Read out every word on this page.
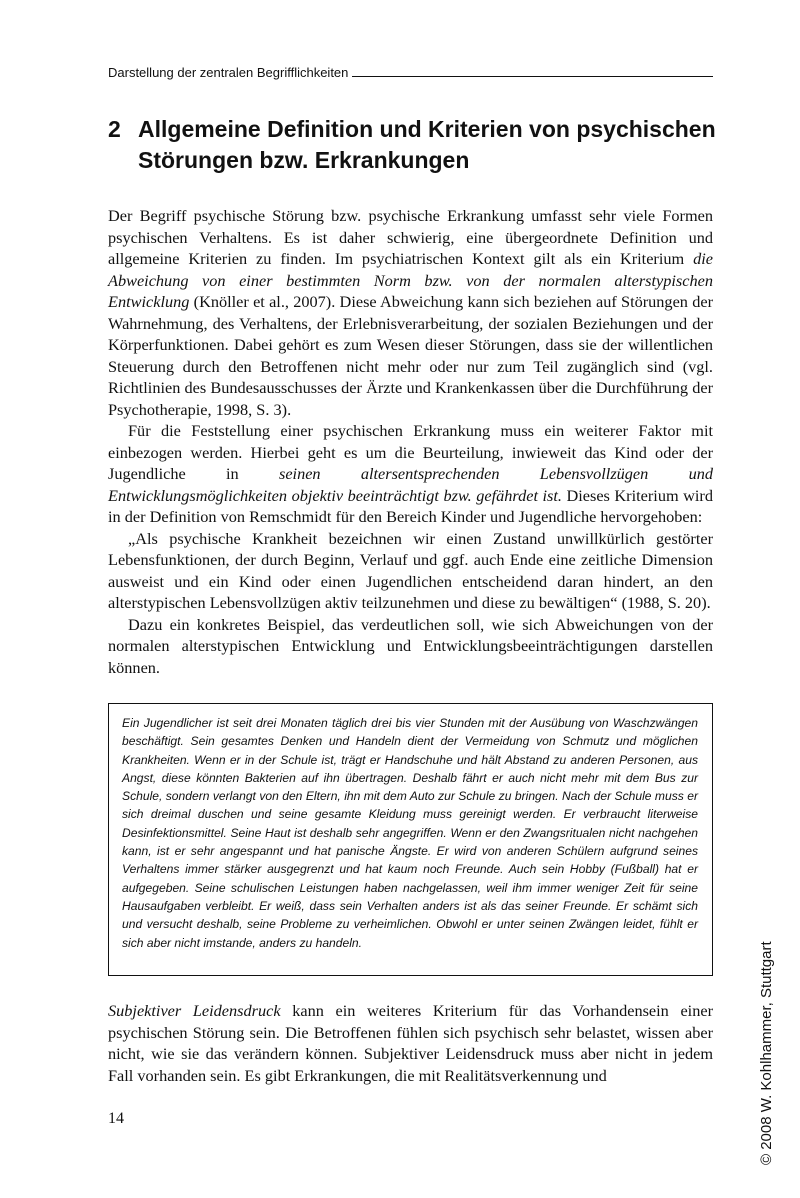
Darstellung der zentralen Begrifflichkeiten
2 Allgemeine Definition und Kriterien von psychischen Störungen bzw. Erkrankungen

Der Begriff psychische Störung bzw. psychische Erkrankung umfasst sehr viele Formen psychischen Verhaltens. Es ist daher schwierig, eine übergeordnete Definition und allgemeine Kriterien zu finden. Im psychiatrischen Kontext gilt als ein Kriterium die Abweichung von einer bestimmten Norm bzw. von der normalen alterstypischen Entwicklung (Knöller et al., 2007). Diese Abweichung kann sich beziehen auf Störungen der Wahrnehmung, des Verhaltens, der Erlebnisverarbeitung, der sozialen Beziehungen und der Körperfunktionen. Dabei gehört es zum Wesen dieser Störungen, dass sie der willentlichen Steuerung durch den Betroffenen nicht mehr oder nur zum Teil zugänglich sind (vgl. Richtlinien des Bundesausschusses der Ärzte und Krankenkassen über die Durchführung der Psychotherapie, 1998, S. 3).

Für die Feststellung einer psychischen Erkrankung muss ein weiterer Faktor mit einbezogen werden. Hierbei geht es um die Beurteilung, inwieweit das Kind oder der Jugendliche in seinen altersentsprechenden Lebensvollzügen und Entwicklungsmöglichkeiten objektiv beeinträchtigt bzw. gefährdet ist. Dieses Kriterium wird in der Definition von Remschmidt für den Bereich Kinder und Jugendliche hervorgehoben:

„Als psychische Krankheit bezeichnen wir einen Zustand unwillkürlich gestörter Lebensfunktionen, der durch Beginn, Verlauf und ggf. auch Ende eine zeitliche Dimension ausweist und ein Kind oder einen Jugendlichen entscheidend daran hindert, an den alterstypischen Lebensvollzügen aktiv teilzunehmen und diese zu bewältigen“ (1988, S. 20).

Dazu ein konkretes Beispiel, das verdeutlichen soll, wie sich Abweichungen von der normalen alterstypischen Entwicklung und Entwicklungsbeeinträchtigungen darstellen können.

Ein Jugendlicher ist seit drei Monaten täglich drei bis vier Stunden mit der Ausübung von Waschzwängen beschäftigt. Sein gesamtes Denken und Handeln dient der Vermeidung von Schmutz und möglichen Krankheiten. Wenn er in der Schule ist, trägt er Handschuhe und hält Abstand zu anderen Personen, aus Angst, diese könnten Bakterien auf ihn übertragen. Deshalb fährt er auch nicht mehr mit dem Bus zur Schule, sondern verlangt von den Eltern, ihn mit dem Auto zur Schule zu bringen. Nach der Schule muss er sich dreimal duschen und seine gesamte Kleidung muss gereinigt werden. Er verbraucht literweise Desinfektionsmittel. Seine Haut ist deshalb sehr angegriffen. Wenn er den Zwangsritualen nicht nachgehen kann, ist er sehr angespannt und hat panische Ängste. Er wird von anderen Schülern aufgrund seines Verhaltens immer stärker ausgegrenzt und hat kaum noch Freunde. Auch sein Hobby (Fußball) hat er aufgegeben. Seine schulischen Leistungen haben nachgelassen, weil ihm immer weniger Zeit für seine Hausaufgaben verbleibt. Er weiß, dass sein Verhalten anders ist als das seiner Freunde. Er schämt sich und versucht deshalb, seine Probleme zu verheimlichen. Obwohl er unter seinen Zwängen leidet, fühlt er sich aber nicht imstande, anders zu handeln.
Subjektiver Leidensdruck kann ein weiteres Kriterium für das Vorhandensein einer psychischen Störung sein. Die Betroffenen fühlen sich psychisch sehr belastet, wissen aber nicht, wie sie das verändern können. Subjektiver Leidensdruck muss aber nicht in jedem Fall vorhanden sein. Es gibt Erkrankungen, die mit Realitätsverkennung und
14	© 2008 W. Kohlhammer, Stuttgart
